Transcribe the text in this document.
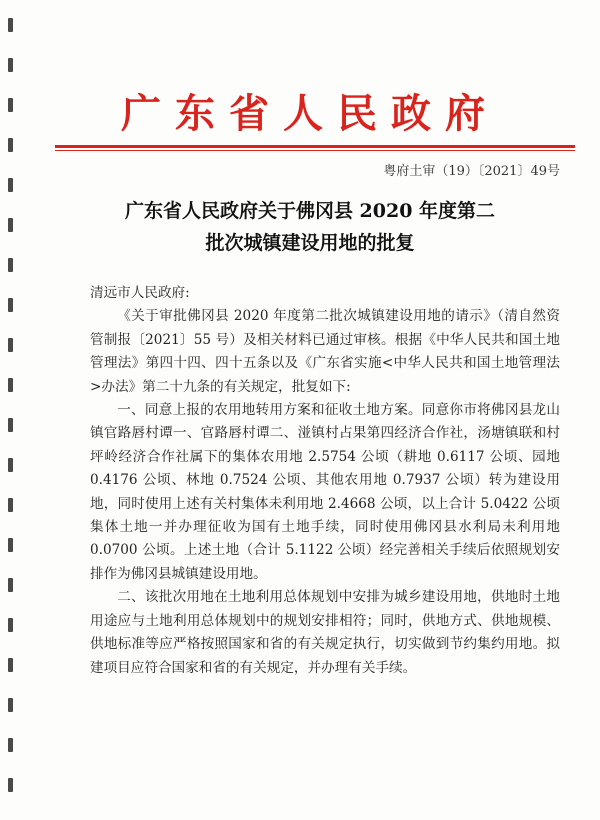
广东省人民政府
粤府土审（19）〔2021〕49号
广东省人民政府关于佛冈县 2020 年度第二
批次城镇建设用地的批复

清远市人民政府:

《关于审批佛冈县 2020 年度第二批次城镇建设用地的请示》（清自然资管制报〔2021〕55 号）及相关材料已通过审核。根据《中华人民共和国土地管理法》第四十四、四十五条以及《广东省实施<中华人民共和国土地管理法>办法》第二十九条的有关规定，批复如下:

一、同意上报的农用地转用方案和征收土地方案。同意你市将佛冈县龙山镇官路唇村谭一、官路唇村谭二、湴镇村占果第四经济合作社，汤塘镇联和村坪岭经济合作社属下的集体农用地 2.5754 公顷（耕地 0.6117 公顷、园地 0.4176 公顷、林地 0.7524 公顷、其他农用地 0.7937 公顷）转为建设用地，同时使用上述有关村集体未利用地 2.4668 公顷，以上合计 5.0422 公顷集体土地一并办理征收为国有土地手续，同时使用佛冈县水利局未利用地 0.0700 公顷。上述土地（合计 5.1122 公顷）经完善相关手续后依照规划安排作为佛冈县城镇建设用地。

二、该批次用地在土地利用总体规划中安排为城乡建设用地，供地时土地用途应与土地利用总体规划中的规划安排相符；同时，供地方式、供地规模、供地标准等应严格按照国家和省的有关规定执行，切实做到节约集约用地。拟建项目应符合国家和省的有关规定，并办理有关手续。
